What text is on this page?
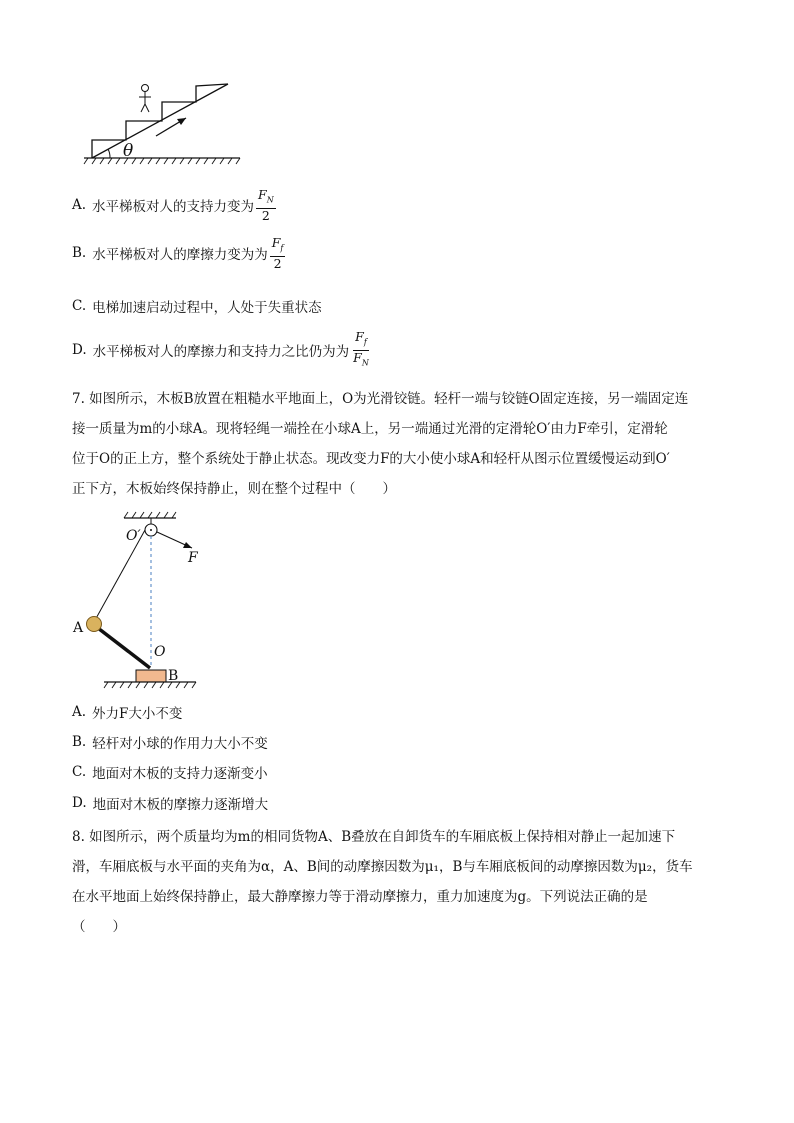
θ
A. 水平梯板对人的支持力变为 $\frac{F_N}{2}$
B. 水平梯板对人的摩擦力变为为 $\frac{F_f}{2}$
C. 电梯加速启动过程中，人处于失重状态
D. 水平梯板对人的摩擦力和支持力之比仍为为 $\frac{F_f}{F_N}$
7. 如图所示，木板B放置在粗糙水平地面上，O为光滑铰链。轻杆一端与铰链O固定连接，另一端固定连
接一质量为m的小球A。现将轻绳一端拴在小球A上，另一端通过光滑的定滑轮O′由力F牵引，定滑轮
位于O的正上方，整个系统处于静止状态。现改变力F的大小使小球A和轻杆从图示位置缓慢运动到O′
正下方，木板始终保持静止，则在整个过程中（　　）
O′
F
A
O
B
A. 外力F大小不变
B. 轻杆对小球的作用力大小不变
C. 地面对木板的支持力逐渐变小
D. 地面对木板的摩擦力逐渐增大
8. 如图所示，两个质量均为m的相同货物A、B叠放在自卸货车的车厢底板上保持相对静止一起加速下
滑，车厢底板与水平面的夹角为α，A、B间的动摩擦因数为μ₁，B与车厢底板间的动摩擦因数为μ₂，货车
在水平地面上始终保持静止，最大静摩擦力等于滑动摩擦力，重力加速度为g。下列说法正确的是
（　　）
